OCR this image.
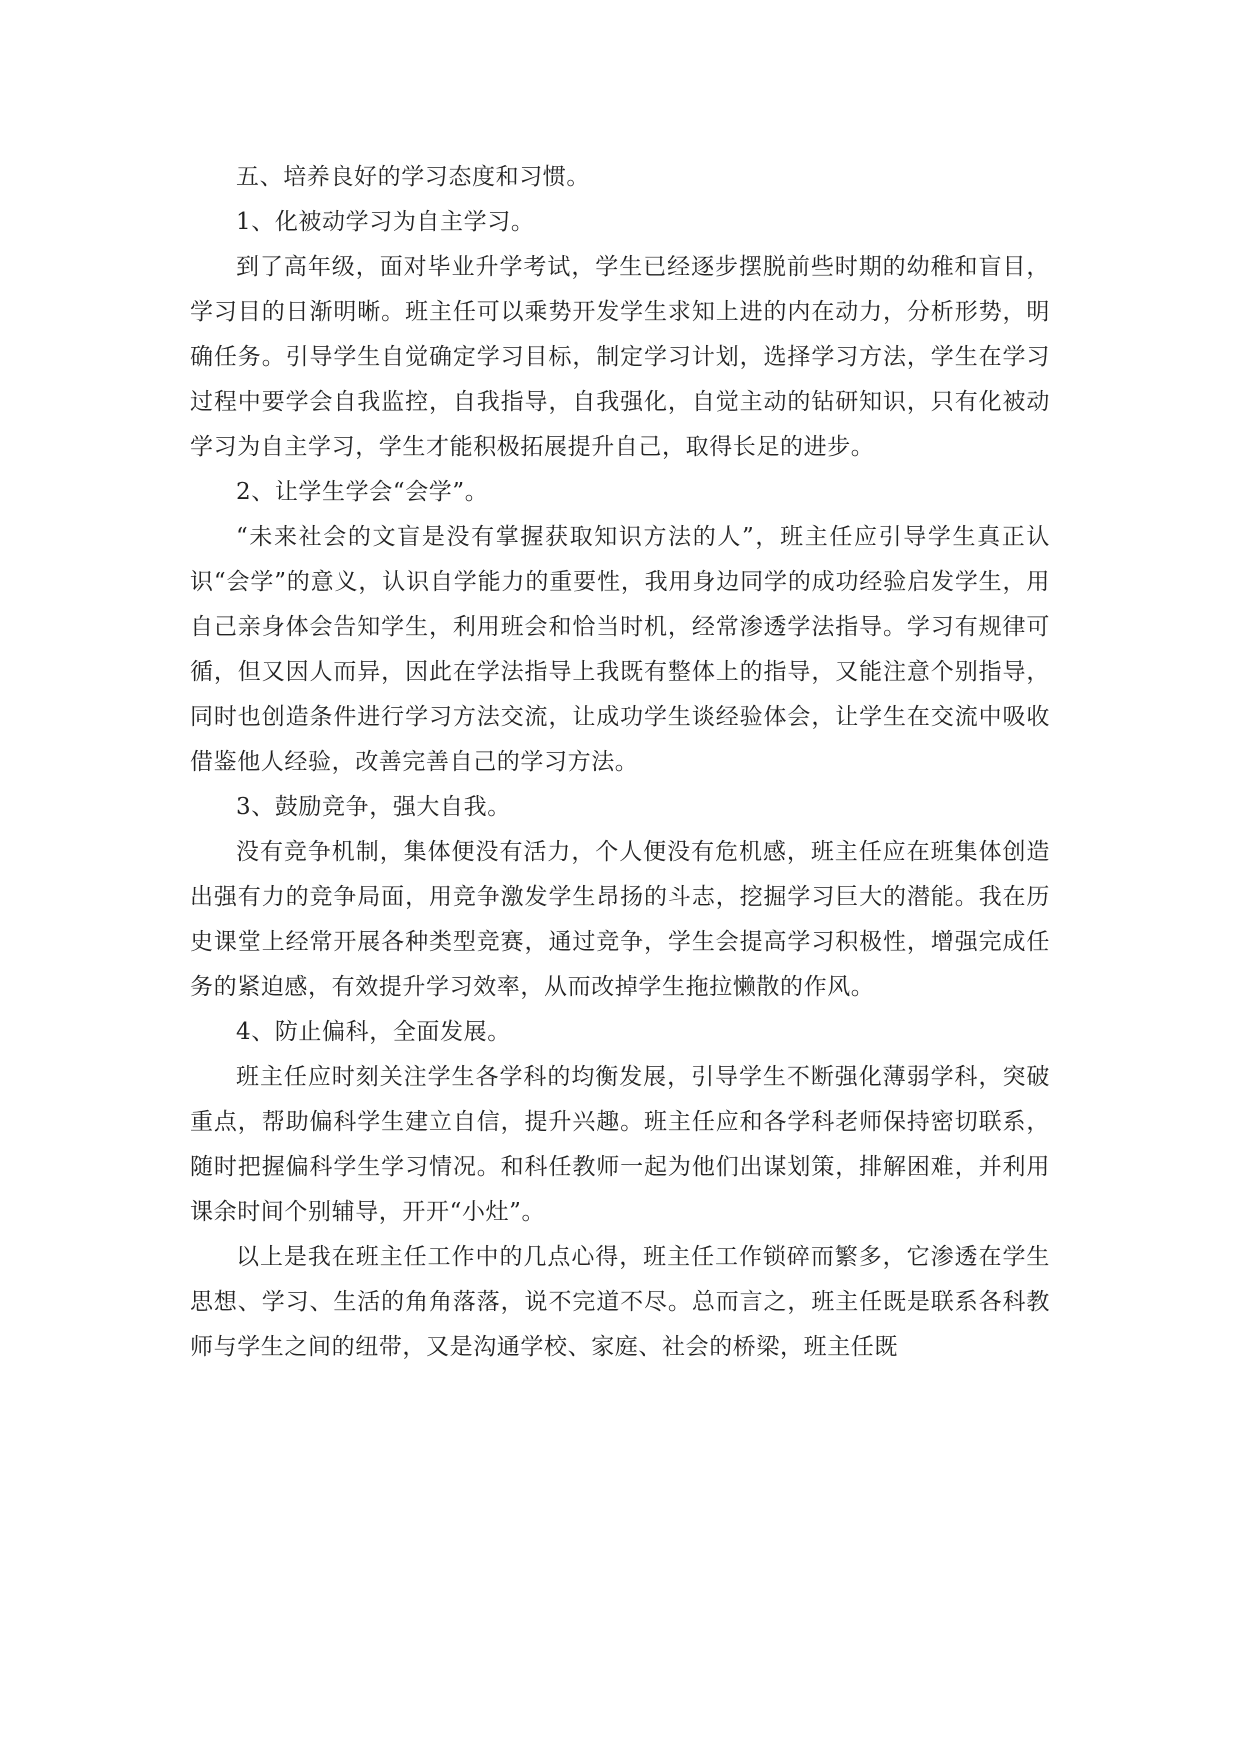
五、培养良好的学习态度和习惯。

1、化被动学习为自主学习。

到了高年级，面对毕业升学考试，学生已经逐步摆脱前些时期的幼稚和盲目，学习目的日渐明晰。班主任可以乘势开发学生求知上进的内在动力，分析形势，明确任务。引导学生自觉确定学习目标，制定学习计划，选择学习方法，学生在学习过程中要学会自我监控，自我指导，自我强化，自觉主动的钻研知识，只有化被动学习为自主学习，学生才能积极拓展提升自己，取得长足的进步。

2、让学生学会“会学”。

“未来社会的文盲是没有掌握获取知识方法的人”，班主任应引导学生真正认识“会学”的意义，认识自学能力的重要性，我用身边同学的成功经验启发学生，用自己亲身体会告知学生，利用班会和恰当时机，经常渗透学法指导。学习有规律可循，但又因人而异，因此在学法指导上我既有整体上的指导，又能注意个别指导，同时也创造条件进行学习方法交流，让成功学生谈经验体会，让学生在交流中吸收借鉴他人经验，改善完善自己的学习方法。

3、鼓励竞争，强大自我。

没有竞争机制，集体便没有活力，个人便没有危机感，班主任应在班集体创造出强有力的竞争局面，用竞争激发学生昂扬的斗志，挖掘学习巨大的潜能。我在历史课堂上经常开展各种类型竞赛，通过竞争，学生会提高学习积极性，增强完成任务的紧迫感，有效提升学习效率，从而改掉学生拖拉懒散的作风。

4、防止偏科，全面发展。

班主任应时刻关注学生各学科的均衡发展，引导学生不断强化薄弱学科，突破重点，帮助偏科学生建立自信，提升兴趣。班主任应和各学科老师保持密切联系，随时把握偏科学生学习情况。和科任教师一起为他们出谋划策，排解困难，并利用课余时间个别辅导，开开“小灶”。

以上是我在班主任工作中的几点心得，班主任工作锁碎而繁多，它渗透在学生思想、学习、生活的角角落落，说不完道不尽。总而言之，班主任既是联系各科教师与学生之间的纽带，又是沟通学校、家庭、社会的桥梁，班主任既
